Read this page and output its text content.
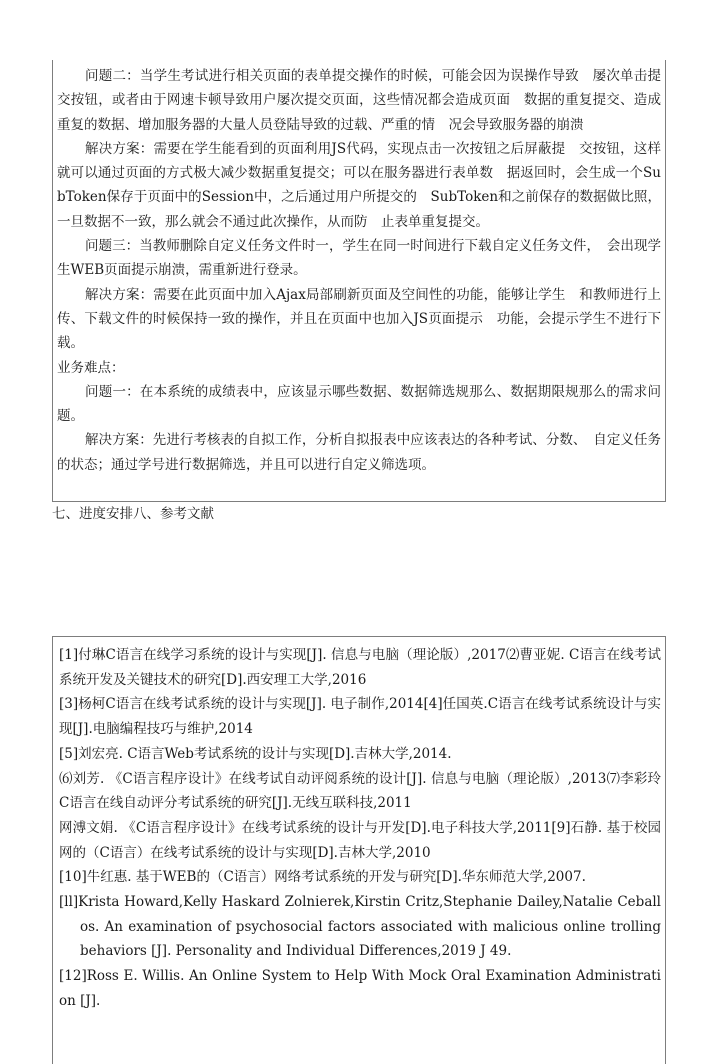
问题二：当学生考试进行相关页面的表单提交操作的时候，可能会因为误操作导致　屡次单击提交按钮，或者由于网速卡顿导致用户屡次提交页面，这些情况都会造成页面　数据的重复提交、造成重复的数据、增加服务器的大量人员登陆导致的过载、严重的情　况会导致服务器的崩溃

解决方案：需要在学生能看到的页面利用JS代码，实现点击一次按钮之后屏蔽提　交按钮，这样就可以通过页面的方式极大减少数据重复提交；可以在服务器进行表单数　据返回时，会生成一个SubToken保存于页面中的Session中，之后通过用户所提交的　SubToken和之前保存的数据做比照，一旦数据不一致，那么就会不通过此次操作，从而防　止表单重复提交。

问题三：当教师删除自定义任务文件时一，学生在同一时间进行下载自定义任务文件，　会出现学生WEB页面提示崩溃，需重新进行登录。

解决方案：需要在此页面中加入Ajax局部刷新页面及空间性的功能，能够让学生　和教师进行上传、下载文件的时候保持一致的操作，并且在页面中也加入JS页面提示　功能，会提示学生不进行下载。

业务难点：

问题一：在本系统的成绩表中，应该显示哪些数据、数据筛选规那么、数据期限规那么的需求问题。

解决方案：先进行考核表的自拟工作，分析自拟报表中应该表达的各种考试、分数、　自定义任务的状态；通过学号进行数据筛选，并且可以进行自定义筛选项。

七、进度安排八、参考文献

[1]付琳C语言在线学习系统的设计与实现[J]. 信息与电脑（理论版）,2017⑵曹亚妮. C语言在线考试系统开发及关键技术的研究[D].西安理工大学,2016

[3]杨柯C语言在线考试系统的设计与实现[J]. 电子制作,2014[4]任国英.C语言在线考试系统设计与实现[J].电脑编程技巧与维护,2014

[5]刘宏亮. C语言Web考试系统的设计与实现[D].吉林大学,2014.

⑹刘芳. 《C语言程序设计》在线考试自动评阅系统的设计[J]. 信息与电脑（理论版）,2013⑺李彩玲C语言在线自动评分考试系统的研究[J].无线互联科技,2011

网溥文娟. 《C语言程序设计》在线考试系统的设计与开发[D].电子科技大学,2011[9]石静. 基于校园网的（C语言）在线考试系统的设计与实现[D].吉林大学,2010

[10]牛红惠. 基于WEB的（C语言）网络考试系统的开发与研究[D].华东师范大学,2007.

[ll]Krista Howard,Kelly Haskard Zolnierek,Kirstin Critz,Stephanie Dailey,Natalie Ceballos. An examination of psychosocial factors associated with malicious online trolling behaviors [J]. Personality and Individual Differences,2019 J 49.

[12]Ross E. Willis. An Online System to Help With Mock Oral Examination Administration [J].
